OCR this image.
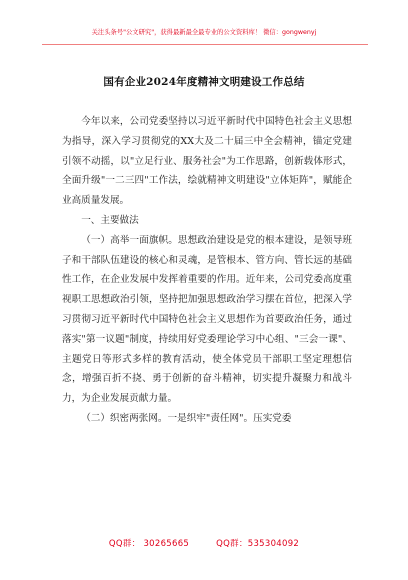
关注头条号"公文研究"，获得最新最全最专业的公文资料库！ 微信：gongwenyj
国有企业2024年度精神文明建设工作总结

今年以来，公司党委坚持以习近平新时代中国特色社会主义思想为指导，深入学习贯彻党的XX大及二十届三中全会精神，锚定党建引领不动摇，以"立足行业、服务社会"为工作思路，创新载体形式，全面升级"一二三四"工作法，绘就精神文明建设"立体矩阵"，赋能企业高质量发展。

一、主要做法

（一）高举一面旗帜。思想政治建设是党的根本建设，是领导班子和干部队伍建设的核心和灵魂，是管根本、管方向、管长远的基础性工作，在企业发展中发挥着重要的作用。近年来，公司党委高度重视职工思想政治引领，坚持把加强思想政治学习摆在首位，把深入学习贯彻习近平新时代中国特色社会主义思想作为首要政治任务，通过落实"第一议题"制度，持续用好党委理论学习中心组、"三会一课"、主题党日等形式多样的教育活动，使全体党员干部职工坚定理想信念，增强百折不挠、勇于创新的奋斗精神，切实提升凝聚力和战斗力，为企业发展贡献力量。

（二）织密两张网。一是织牢"责任网"。压实党委

QQ群： 30265665	QQ群：535304092
